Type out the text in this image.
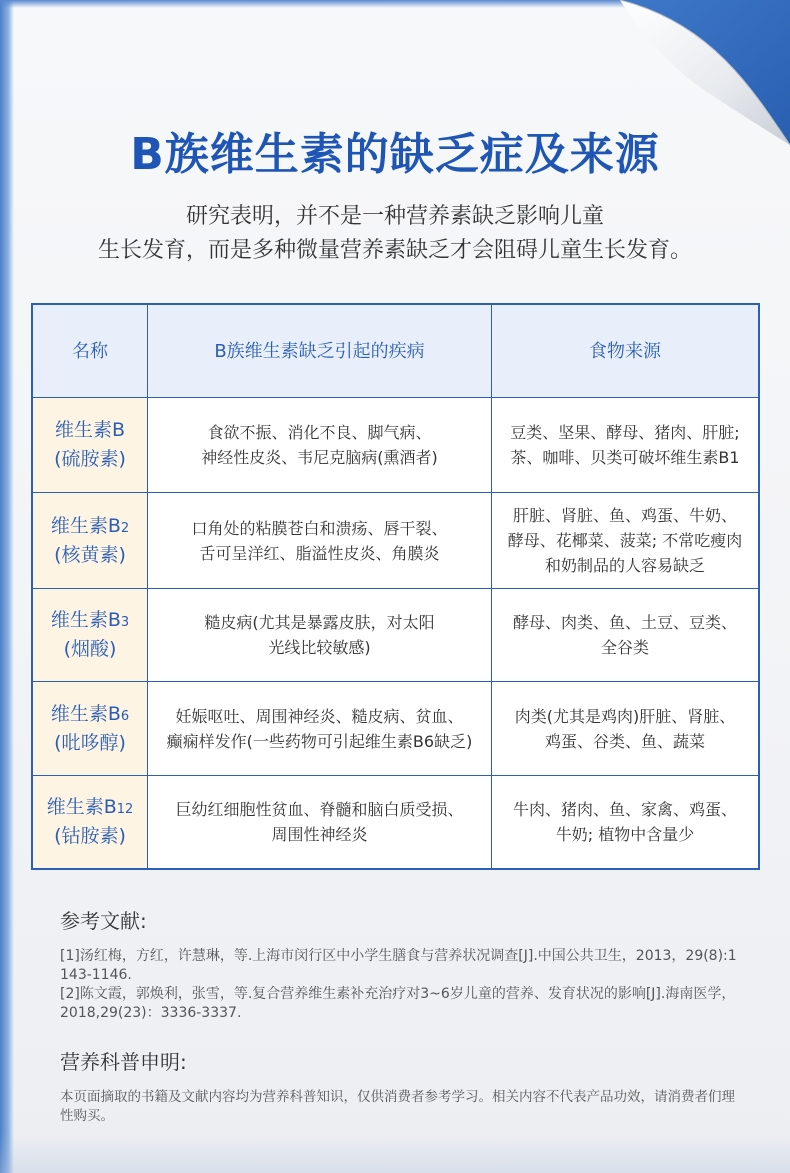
B族维生素的缺乏症及来源
研究表明，并不是一种营养素缺乏影响儿童
生长发育，而是多种微量营养素缺乏才会阻碍儿童生长发育。
名称	B族维生素缺乏引起的疾病	食物来源
维生素B
(硫胺素)
食欲不振、消化不良、脚气病、
神经性皮炎、韦尼克脑病(熏酒者)
豆类、坚果、酵母、猪肉、肝脏;
茶、咖啡、贝类可破坏维生素B1
维生素B2
(核黄素)
口角处的粘膜苍白和溃疡、唇干裂、
舌可呈洋红、脂溢性皮炎、角膜炎
肝脏、肾脏、鱼、鸡蛋、牛奶、
酵母、花椰菜、菠菜; 不常吃瘦肉
和奶制品的人容易缺乏
维生素B3
(烟酸)
糙皮病(尤其是暴露皮肤，对太阳
光线比较敏感)
酵母、肉类、鱼、土豆、豆类、
全谷类
维生素B6
(吡哆醇)
妊娠呕吐、周围神经炎、糙皮病、贫血、
癫痫样发作(一些药物可引起维生素B6缺乏)
肉类(尤其是鸡肉)肝脏、肾脏、
鸡蛋、谷类、鱼、蔬菜
维生素B12
(钴胺素)
巨幼红细胞性贫血、脊髓和脑白质受损、
周围性神经炎
牛肉、猪肉、鱼、家禽、鸡蛋、
牛奶; 植物中含量少
参考文献:
[1]汤红梅，方红，许慧琳，等.上海市闵行区中小学生膳食与营养状况调查[J].中国公共卫生，2013，29(8):1143-1146.
[2]陈文霞，郭焕利，张雪，等.复合营养维生素补充治疗对3~6岁儿童的营养、发育状况的影响[J].海南医学，2018,29(23)：3336-3337.
营养科普申明:
本页面摘取的书籍及文献内容均为营养科普知识，仅供消费者参考学习。相关内容不代表产品功效，请消费者们理性购买。
